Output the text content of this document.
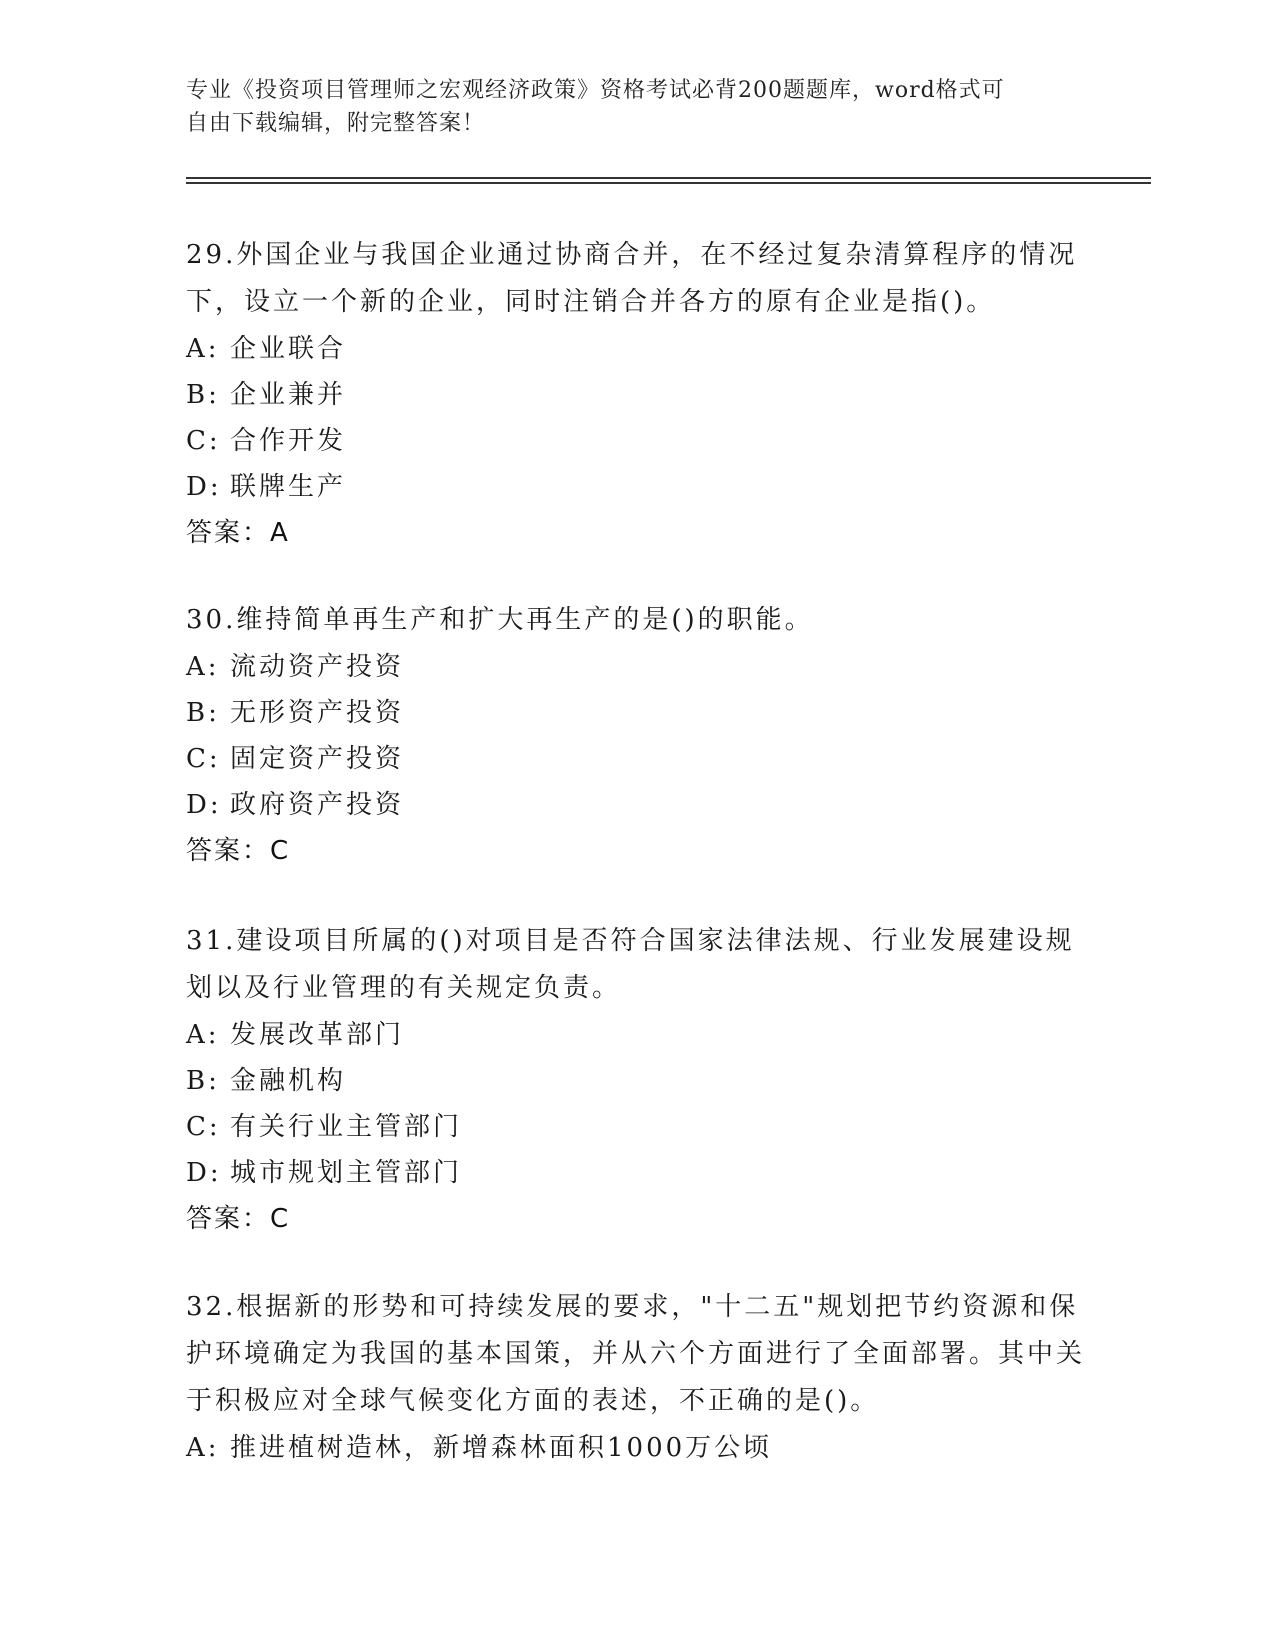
专业《投资项目管理师之宏观经济政策》资格考试必背200题题库，word格式可
自由下载编辑，附完整答案！
29.外国企业与我国企业通过协商合并，在不经过复杂清算程序的情况下，设立一个新的企业，同时注销合并各方的原有企业是指()。
A: 企业联合
B: 企业兼并
C: 合作开发
D: 联牌生产
答案：A
30.维持简单再生产和扩大再生产的是()的职能。
A: 流动资产投资
B: 无形资产投资
C: 固定资产投资
D: 政府资产投资
答案：C
31.建设项目所属的()对项目是否符合国家法律法规、行业发展建设规划以及行业管理的有关规定负责。
A: 发展改革部门
B: 金融机构
C: 有关行业主管部门
D: 城市规划主管部门
答案：C
32.根据新的形势和可持续发展的要求，"十二五"规划把节约资源和保护环境确定为我国的基本国策，并从六个方面进行了全面部署。其中关于积极应对全球气候变化方面的表述，不正确的是()。
A: 推进植树造林，新增森林面积1000万公顷
